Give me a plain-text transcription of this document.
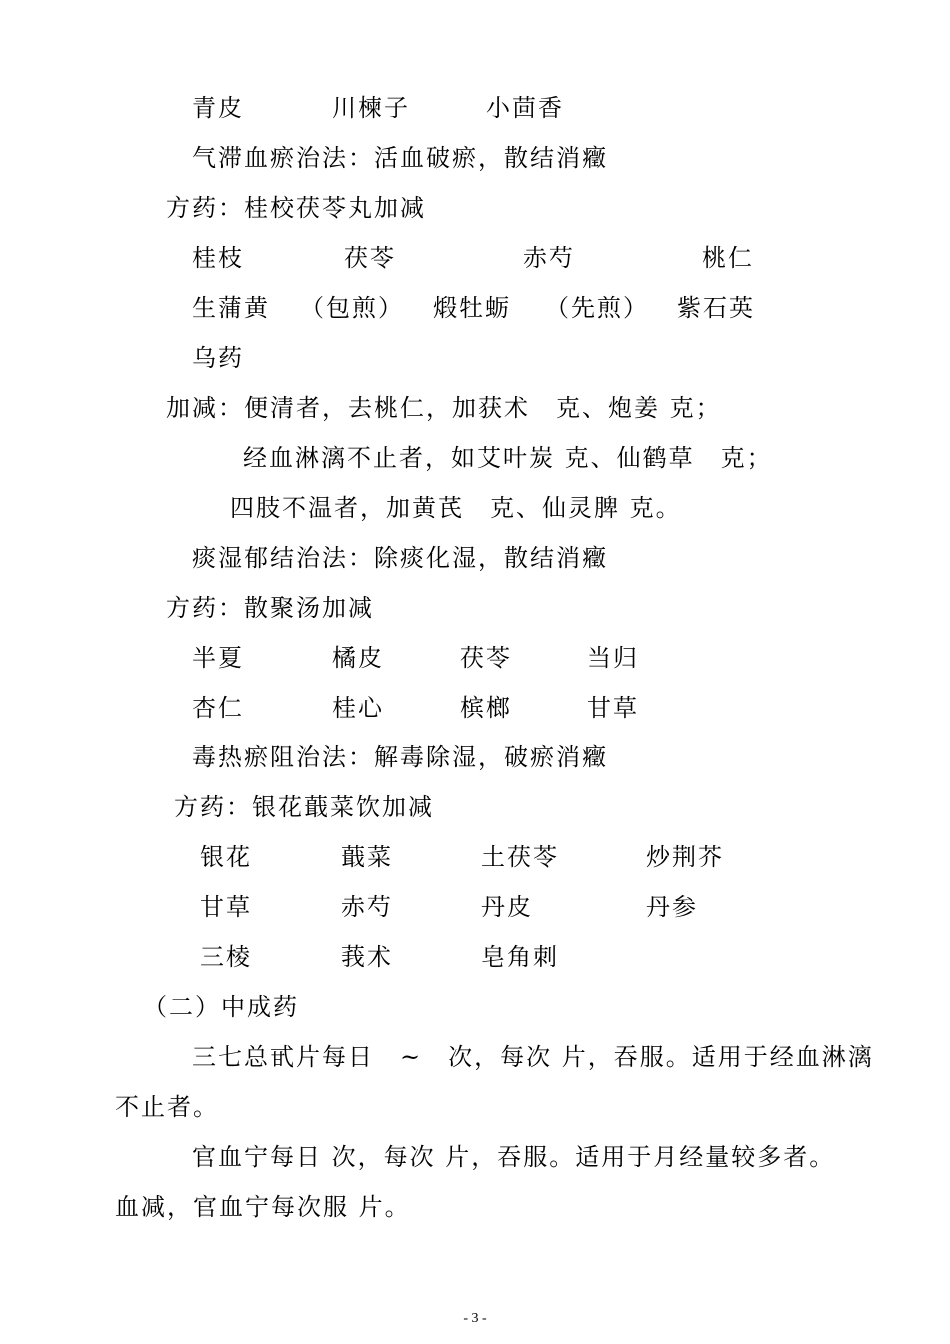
青皮	川楝子	小茴香
气滞血瘀治法：活血破瘀，散结消癥
方药：桂校茯苓丸加减
桂枝	茯苓	赤芍	桃仁
生蒲黄 （包煎） 煅牡蛎 （先煎） 紫石英
乌药
加减：便清者，去桃仁，加获术　克、炮姜 克；
经血淋漓不止者，如艾叶炭 克、仙鹤草　克；
四肢不温者，加黄芪　克、仙灵脾 克。
痰湿郁结治法：除痰化湿，散结消癥
方药：散聚汤加减
半夏	橘皮	茯苓	当归
杏仁	桂心	槟榔	甘草
毒热瘀阻治法：解毒除湿，破瘀消癥
方药：银花蕺菜饮加减
银花	蕺菜	土茯苓	炒荆芥
甘草	赤芍	丹皮	丹参
三棱	莪术	皂角刺
（二）中成药
三七总甙片每日　~　次，每次 片，吞服。适用于经血淋漓
不止者。
官血宁每日 次，每次 片，吞服。适用于月经量较多者。
血减，官血宁每次服 片。
- 3 -
